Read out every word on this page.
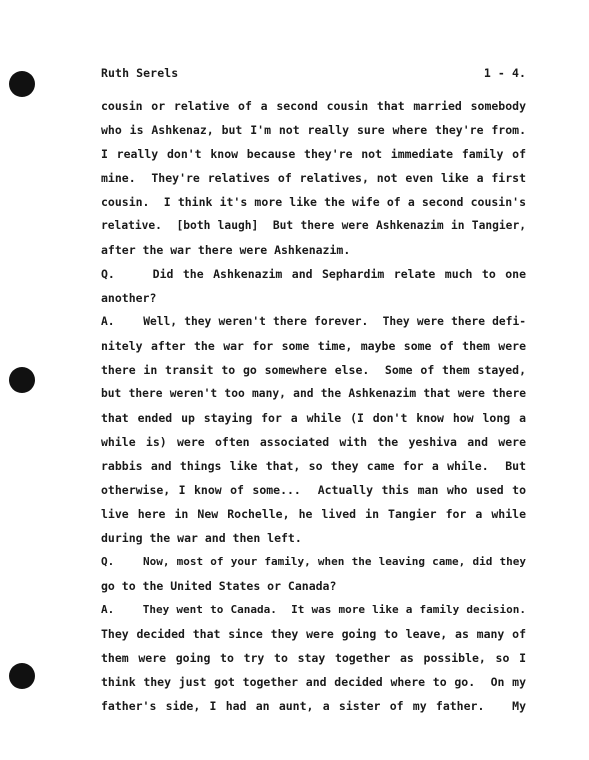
Ruth Serels	1 - 4.
cousin or relative of a second cousin that married somebody
who is Ashkenaz, but I'm not really sure where they're from.
I really don't know because they're not immediate family of
mine.  They're relatives of relatives, not even like a first
cousin.  I think it's more like the wife of a second cousin's
relative.  [both laugh]  But there were Ashkenazim in Tangier,
after the war there were Ashkenazim.
Q.    Did the Ashkenazim and Sephardim relate much to one
another?
A.    Well, they weren't there forever.  They were there defi-
nitely after the war for some time, maybe some of them were
there in transit to go somewhere else.  Some of them stayed,
but there weren't too many, and the Ashkenazim that were there
that ended up staying for a while (I don't know how long a
while is) were often associated with the yeshiva and were
rabbis and things like that, so they came for a while.  But
otherwise, I know of some...  Actually this man who used to
live here in New Rochelle, he lived in Tangier for a while
during the war and then left.
Q.    Now, most of your family, when the leaving came, did they
go to the United States or Canada?
A.    They went to Canada.  It was more like a family decision.
They decided that since they were going to leave, as many of
them were going to try to stay together as possible, so I
think they just got together and decided where to go.  On my
father's side, I had an aunt, a sister of my father.   My
